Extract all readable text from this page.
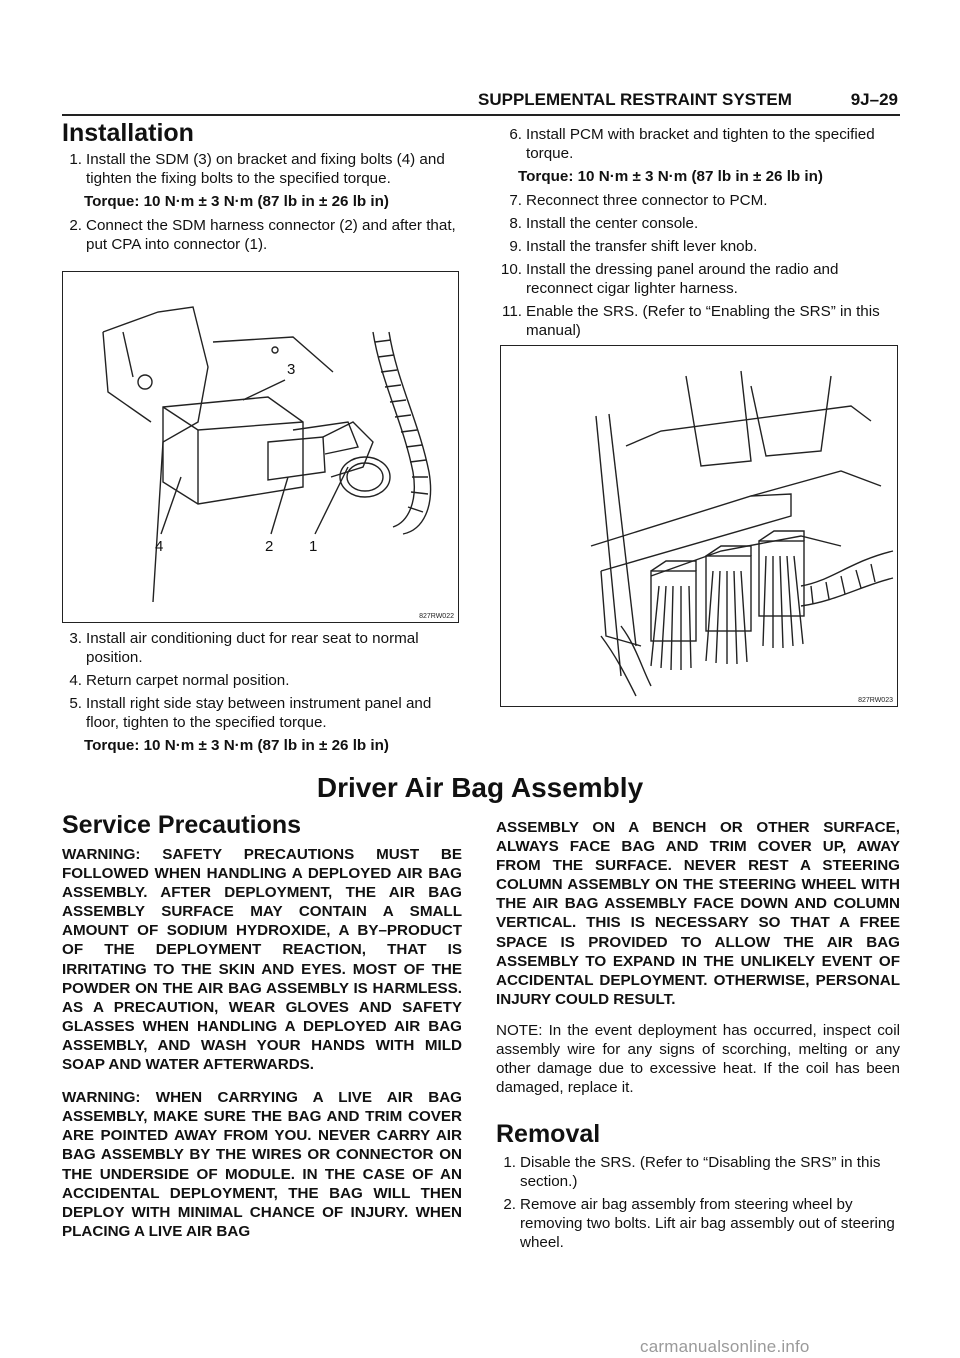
SUPPLEMENTAL RESTRAINT SYSTEM	9J–29
Installation
1. Install the SDM (3) on bracket and fixing bolts (4) and tighten the fixing bolts to the specified torque.
Torque: 10 N·m ± 3 N·m (87 lb in ± 26 lb in)
2. Connect the SDM harness connector (2) and after that, put CPA into connector (1).
3
4	2 1
827RW022
3. Install air conditioning duct for rear seat to normal position.
4. Return carpet normal position.
5. Install right side stay between instrument panel and floor, tighten to the specified torque.
Torque: 10 N·m ± 3 N·m (87 lb in ± 26 lb in)
6. Install PCM with bracket and tighten to the specified torque.
Torque: 10 N·m ± 3 N·m (87 lb in ± 26 lb in)
7. Reconnect three connector to PCM.
8. Install the center console.
9. Install the transfer shift lever knob.
10. Install the dressing panel around the radio and reconnect cigar lighter harness.
11. Enable the SRS. (Refer to “Enabling the SRS” in this manual)
827RW023
Driver Air Bag Assembly
Service Precautions

WARNING: SAFETY PRECAUTIONS MUST BE FOLLOWED WHEN HANDLING A DEPLOYED AIR BAG ASSEMBLY. AFTER DEPLOYMENT, THE AIR BAG ASSEMBLY SURFACE MAY CONTAIN A SMALL AMOUNT OF SODIUM HYDROXIDE, A BY–PRODUCT OF THE DEPLOYMENT REACTION, THAT IS IRRITATING TO THE SKIN AND EYES. MOST OF THE POWDER ON THE AIR BAG ASSEMBLY IS HARMLESS. AS A PRECAUTION, WEAR GLOVES AND SAFETY GLASSES WHEN HANDLING A DEPLOYED AIR BAG ASSEMBLY, AND WASH YOUR HANDS WITH MILD SOAP AND WATER AFTERWARDS.

WARNING: WHEN CARRYING A LIVE AIR BAG ASSEMBLY, MAKE SURE THE BAG AND TRIM COVER ARE POINTED AWAY FROM YOU. NEVER CARRY AIR BAG ASSEMBLY BY THE WIRES OR CONNECTOR ON THE UNDERSIDE OF MODULE. IN THE CASE OF AN ACCIDENTAL DEPLOYMENT, THE BAG WILL THEN DEPLOY WITH MINIMAL CHANCE OF INJURY. WHEN PLACING A LIVE AIR BAG

ASSEMBLY ON A BENCH OR OTHER SURFACE, ALWAYS FACE BAG AND TRIM COVER UP, AWAY FROM THE SURFACE. NEVER REST A STEERING COLUMN ASSEMBLY ON THE STEERING WHEEL WITH THE AIR BAG ASSEMBLY FACE DOWN AND COLUMN VERTICAL. THIS IS NECESSARY SO THAT A FREE SPACE IS PROVIDED TO ALLOW THE AIR BAG ASSEMBLY TO EXPAND IN THE UNLIKELY EVENT OF ACCIDENTAL DEPLOYMENT. OTHERWISE, PERSONAL INJURY COULD RESULT.

NOTE: In the event deployment has occurred, inspect coil assembly wire for any signs of scorching, melting or any other damage due to excessive heat. If the coil has been damaged, replace it.

Removal
1. Disable the SRS. (Refer to “Disabling the SRS” in this section.)
2. Remove air bag assembly from steering wheel by removing two bolts. Lift air bag assembly out of steering wheel.
carmanualsonline.info
